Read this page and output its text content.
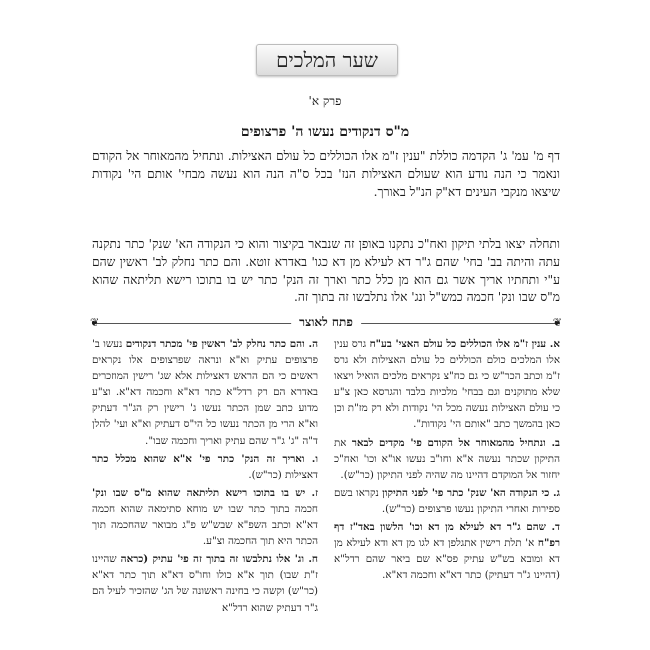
שער המלכים
פרק א'
מ"ס דנקודים נעשו ה' פרצופים

דף מ' עמ' ג' הקדמה כוללת "ענין ז"מ אלו הכוללים כל עולם האצילות. ונתחיל מהמאוחר אל הקודם ונאמר כי הנה נודע הוא שעולם האצילות הנז' בכל ס"ה הנה הוא נעשה מבחי' אותם הי' נקודות שיצאו מנקבי העינים דא"ק הנ"ל באורך.

ותחלה יצאו בלתי תיקון ואח"כ נתקנו באופן זה שנבאר בקיצור והוא כי הנקודה הא' שנק' כתר נתקנה עתה והיתה בב' בחי' שהם ג"ר דא לעילא מן דא כגו' באדרא זוטא. והם כתר נחלק לב' ראשין שהם ע"י ותחתיו אריך אשר גם הוא מן כלל כתר וארך זה הנק' כתר יש בו בתוכו רישא תליתאה שהוא מ"ס שבו ונק' חכמה כמש"ל ונג' אלו נתלבשו זה בתוך זה.

❦
פתח לאוצר
❦

א. ענין ז"מ אלו הכוללים כל עולם האצי' בע"ח גרס ענין אלו המלכים כולם הכוללים כל עולם האצילות ולא גרס ז"מ וכתב הכר"ש כי גם כח"צ נקראים מלכים הואיל ויצאו שלא מתוקנים וגם בבחי' מלכיות בלבד והגרסא כאן צ"ע כי עולם האצילות נעשה מכל הי' נקודות ולא רק מז"ת וכן כאן בהמשך כתב "אותם הי' נקודות".

ב. ונתחיל מהמאוחר אל הקודם פי' מקדים לבאר את התיקון שכתר נעשה א"א וחו"ב נעשו או"א וכו' ואח"כ יחזור אל המוקדם דהיינו מה שהיה לפני התיקון (כר"ש).

ג. כי הנקודה הא' שנק' כתר פי' לפני התיקון נקראו בשם ספירות ואחרי התיקון נעשו פרצופים (כר"ש).

ד. שהם ג"ר דא לעילא מן דא וכו' הלשון באד"ז דף רפ"ח א' תלת רישין אתגלפן דא לגו מן דא ודא לעילא מן דא ומובא בש"ש עתיק פס"א שם ביאר שהם רדל"א (דהיינו ג"ר דעתיק) כתר דא"א וחכמה דא"א.

ה. והם כתר נחלק לב' ראשין פי' מכתר דנקודים נעשו ב' פרצופים עתיק וא"א ונראה שפרצופים אלו נקראים ראשים כי הם הראש דאצילות אלא שג' רישין המוזכרים באדרא הם רק רדל"א כתר דא"א וחכמה דא"א. וצ"ע מדוע כתב שמן הכתר נעשו ג' רישין רק הג"ר דעתיק וא"א הרי מן הכתר נעשו כל הי"ס דעתיק וא"א ועי' להלן ד"ה "ג' ג"ר שהם עתיק ואריך וחכמה שבו".

ו. ואריך זה הנק' כתר פי' א"א שהוא מכלל כתר דאצילות (כר"ש).

ז. יש בו בתוכו רישא תליתאה שהוא מ"ס שבו ונק' חכמה בתוך כתר שבו יש מוחא סתימאה שהוא חכמה דא"א וכתב השפ"א שבש"ש פ"ג מבואר שהחכמה תוך הכתר היא תוך החכמה וצ"ע.

ח. וג' אלו נתלבשו זה בתוך זה פי' עתיק (כראה שהיינו ז"ת שבו) תוך א"א כולו וחו"ס דא"א תוך כתר דא"א (כר"ש) וקשה כי בחינה ראשונה של הג' שהזכיר לעיל הם ג"ר דעתיק שהוא רדל"א
